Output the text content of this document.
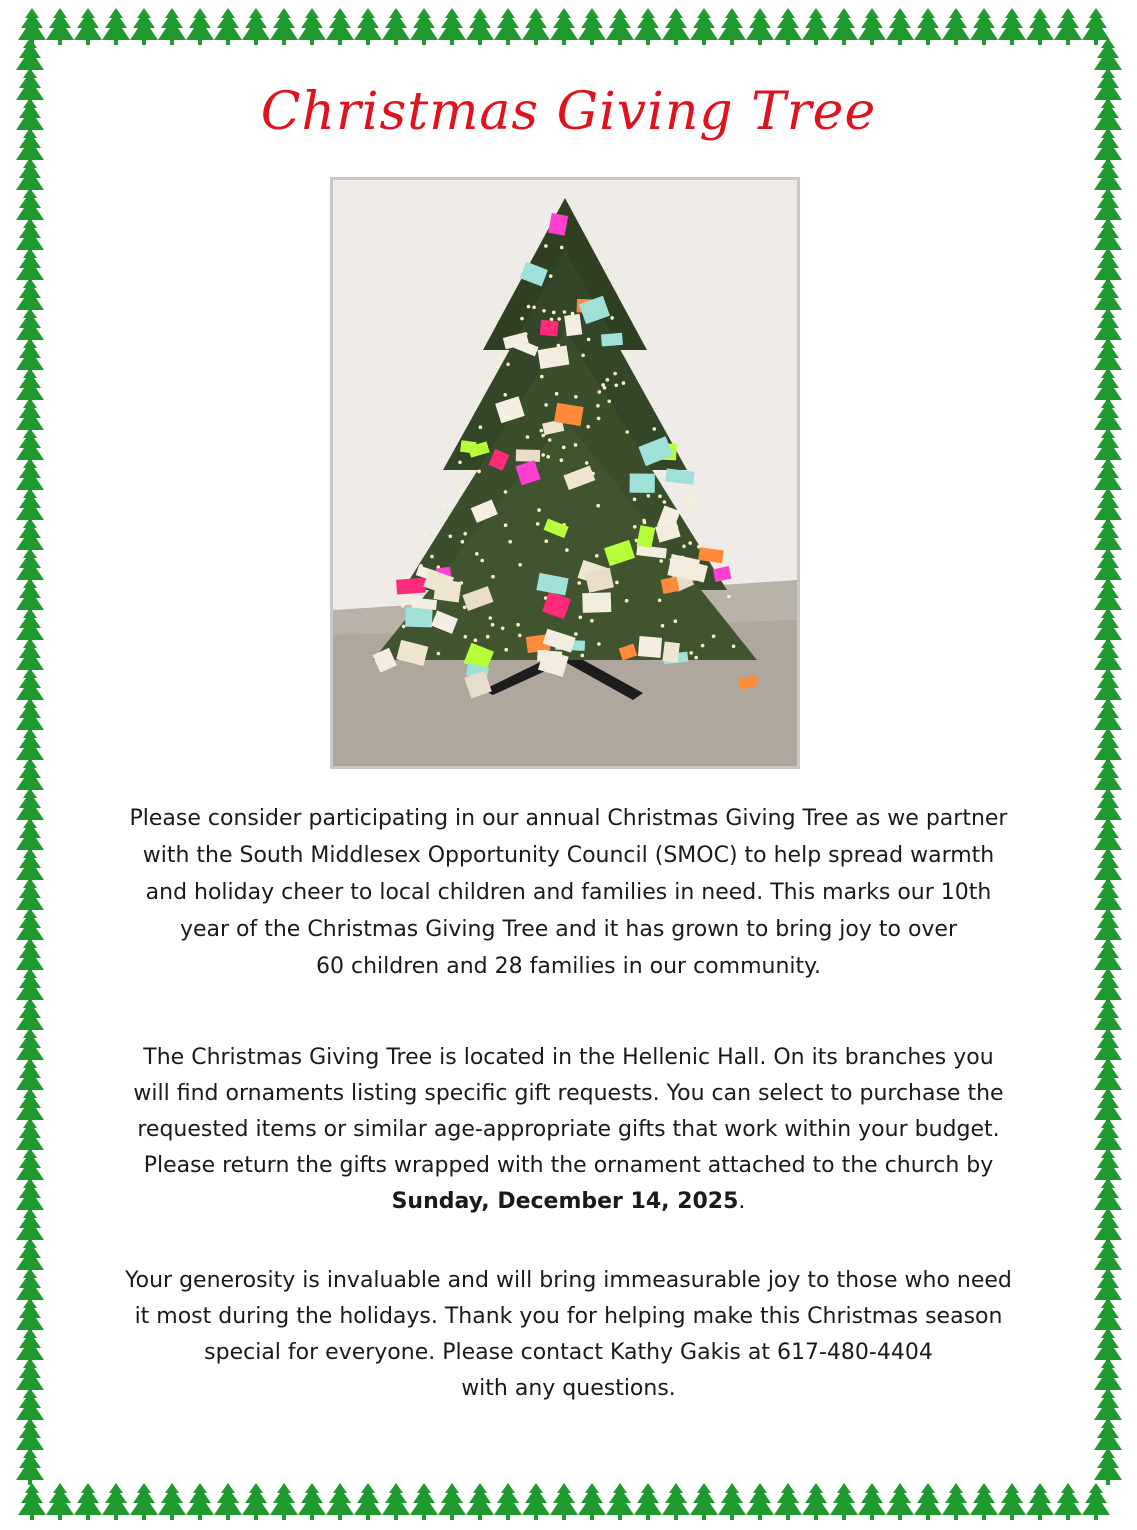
Christmas Giving Tree

Please consider participating in our annual Christmas Giving Tree as we partner
with the South Middlesex Opportunity Council (SMOC) to help spread warmth
and holiday cheer to local children and families in need. This marks our 10th
year of the Christmas Giving Tree and it has grown to bring joy to over
60 children and 28 families in our community.

The Christmas Giving Tree is located in the Hellenic Hall. On its branches you
will find ornaments listing specific gift requests. You can select to purchase the
requested items or similar age-appropriate gifts that work within your budget.
Please return the gifts wrapped with the ornament attached to the church by
Sunday, December 14, 2025.

Your generosity is invaluable and will bring immeasurable joy to those who need
it most during the holidays. Thank you for helping make this Christmas season
special for everyone. Please contact Kathy Gakis at 617-480-4404
with any questions.
